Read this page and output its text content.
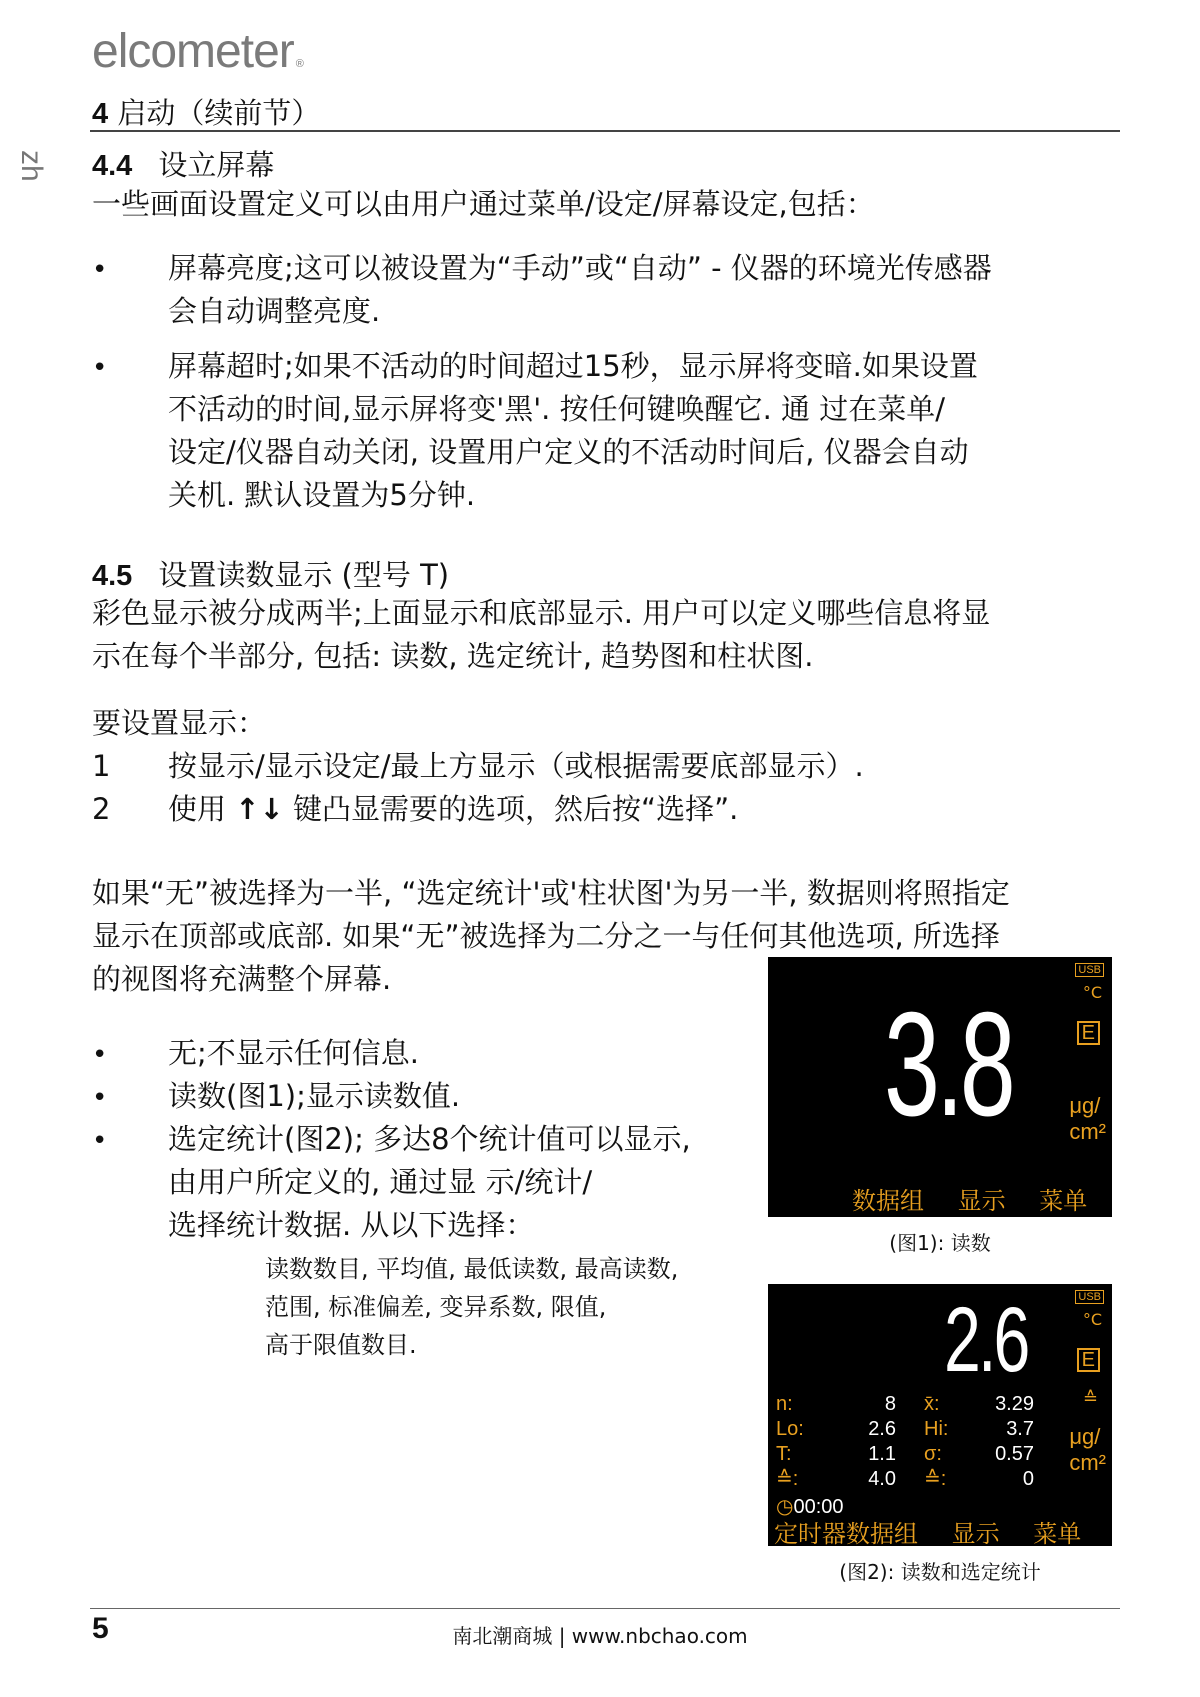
elcometer ®
4 启动（续前节）
zh 4.4 设立屏幕
一些画面设置定义可以由用户通过菜单/设定/屏幕设定,包括：
• 屏幕亮度;这可以被设置为“手动”或“自动” - 仪器的环境光传感器
会自动调整亮度.
• 屏幕超时;如果不活动的时间超过15秒，显示屏将变暗.如果设置
不活动的时间,显示屏将变'黑'. 按任何键唤醒它. 通 过在菜单/
设定/仪器自动关闭, 设置用户定义的不活动时间后, 仪器会自动
关机. 默认设置为5分钟.
4.5 设置读数显示 (型号 T)
彩色显示被分成两半;上面显示和底部显示. 用户可以定义哪些信息将显
示在每个半部分, 包括: 读数, 选定统计, 趋势图和柱状图.
要设置显示：
1 按显示/显示设定/最上方显示（或根据需要底部显示）.
2 使用 ↑↓ 键凸显需要的选项，然后按“选择”.
如果“无”被选择为一半, “选定统计'或'柱状图'为另一半, 数据则将照指定
显示在顶部或底部. 如果“无”被选择为二分之一与任何其他选项, 所选择
的视图将充满整个屏幕.
• 无;不显示任何信息.
• 读数(图1);显示读数值.
• 选定统计(图2); 多达8个统计值可以显示,
由用户所定义的, 通过显 示/统计/
选择统计数据. 从以下选择：
读数数目, 平均值, 最低读数, 最高读数,
范围, 标准偏差, 变异系数, 限值,
高于限值数目.
USB
°C
E
3.8	μg/
cm²
数据组 显示 菜单
(图1): 读数
USB
°C
E
≙
2.6
μg/
cm²
n:	8 x̄:	3.29
Lo:	2.6 Hi:	3.7
T:	1.1 σ:	0.57
≙:	4.0 ≙:	0
◷00:00
定时器数据组 显示 菜单
(图2): 读数和选定统计
5	南北潮商城 | www.nbchao.com
